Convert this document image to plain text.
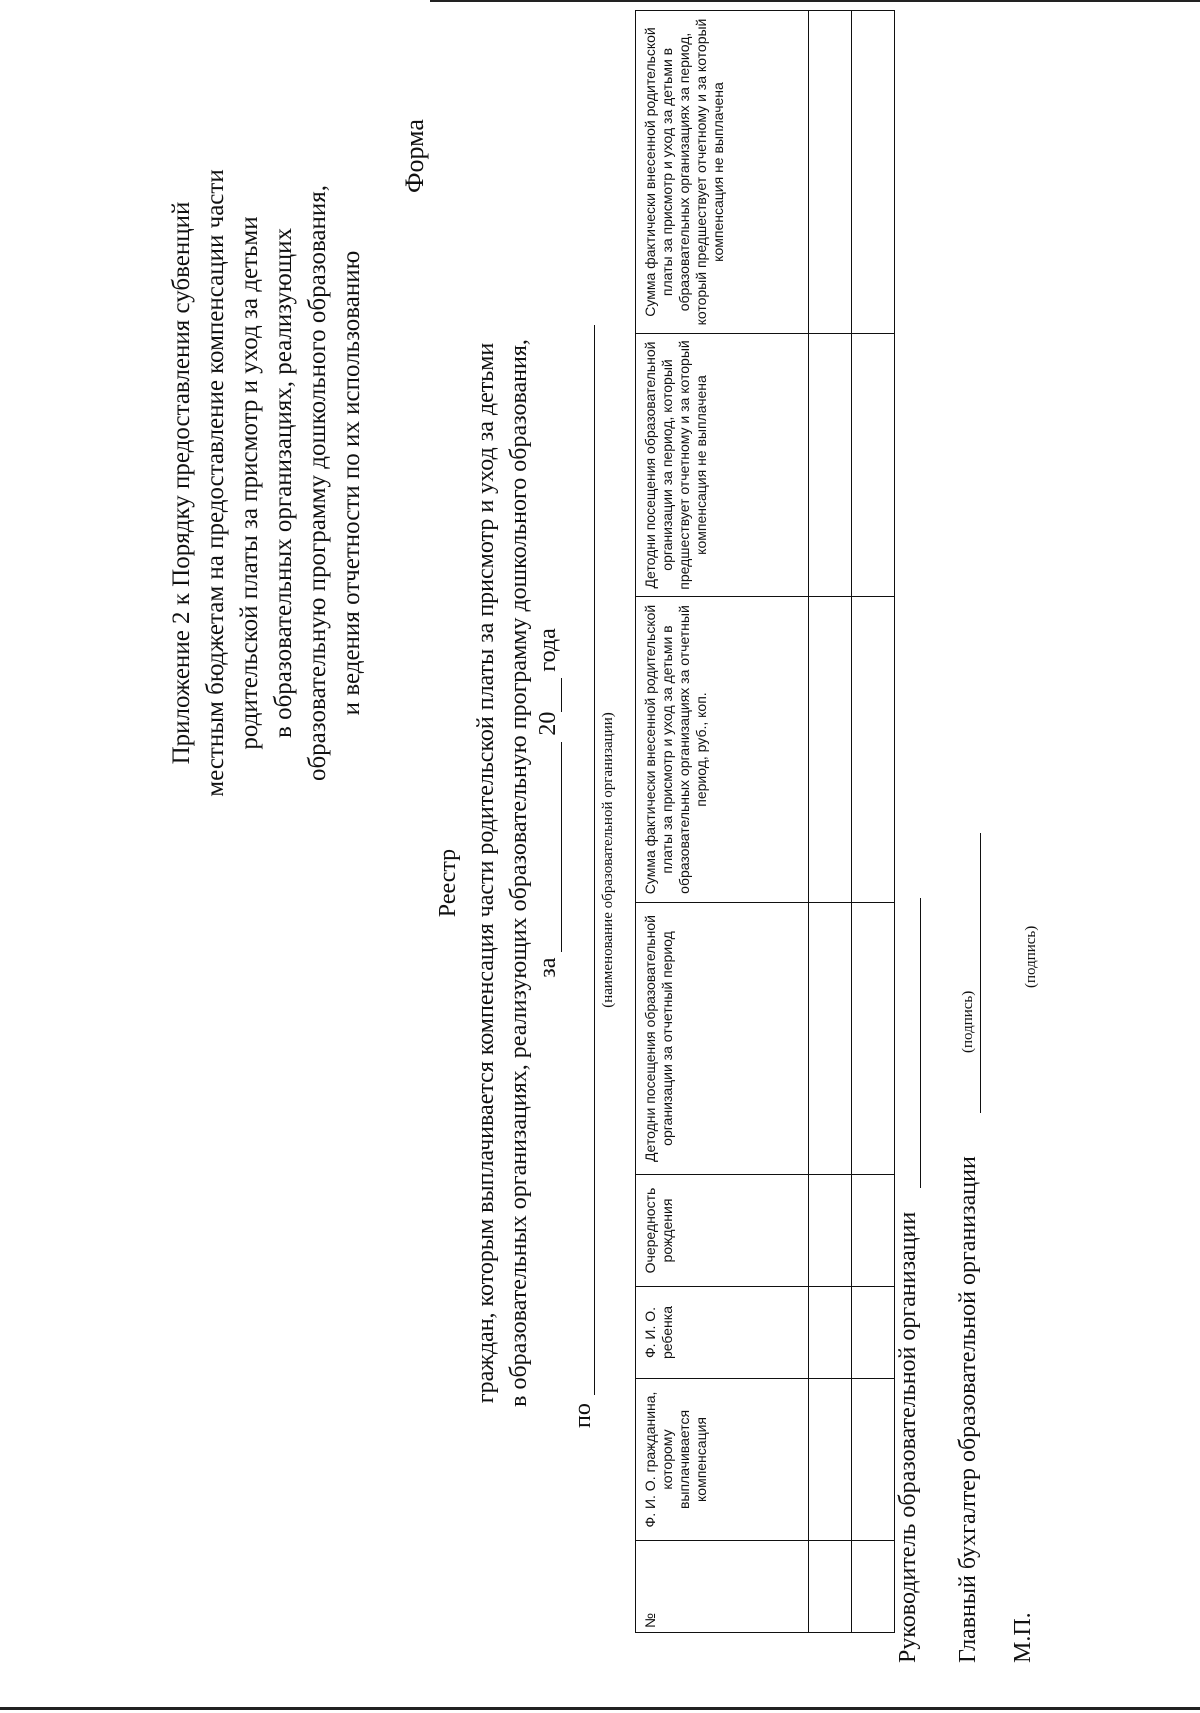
Приложение 2 к Порядку предоставления субвенций местным бюджетам на предоставление компенсации части родительской платы за присмотр и уход за детьми в образовательных организациях, реализующих образовательную программу дошкольного образования, и ведения отчетности по их использованию
Форма
Реестр граждан, которым выплачивается компенсация части родительской платы за присмотр и уход за детьми в образовательных организациях, реализующих образовательную программу дошкольного образования, за  20 года
по
(наименование образовательной организации)
№	Ф. И. О. гражданина, которому выплачивается компенсация	Ф. И. О. ребенка	Очередность рождения	Детодни посещения образовательной организации за отчетный период	Сумма фактически внесенной родительской платы за присмотр и уход за детьми в образовательных организациях за отчетный период, руб., коп.	Детодни посещения образовательной организации за период, который предшествует отчетному и за который компенсация не выплачена	Сумма фактически внесенной родительской платы за присмотр и уход за детьми в образовательных организациях за период, который предшествует отчетному и за который компенсация не выплачена

Руководитель образовательной организации
(подпись)
Главный бухгалтер образовательной организации
(подпись)
М.П.
